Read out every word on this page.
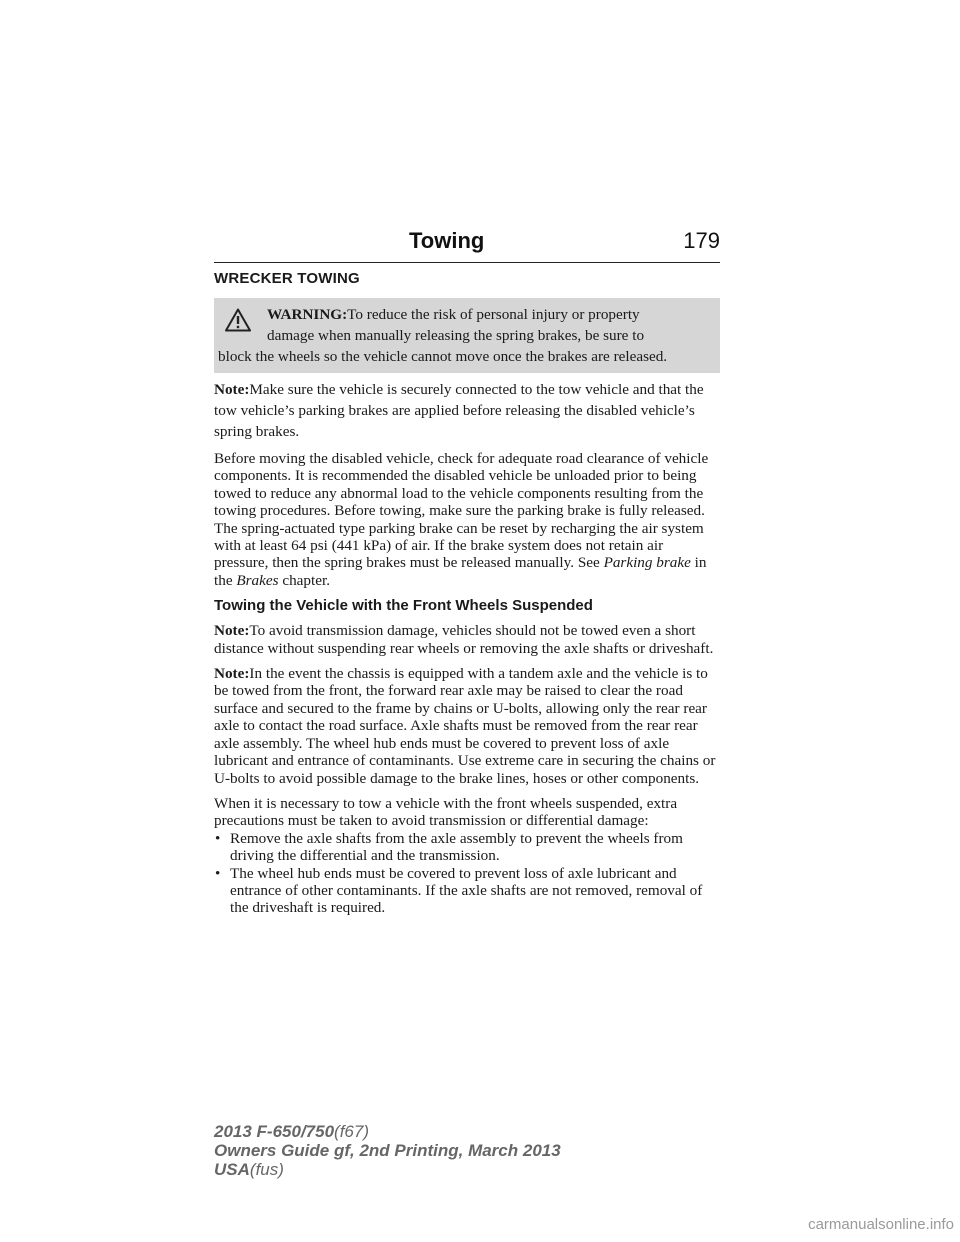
Towing	179
WRECKER TOWING
WARNING:To reduce the risk of personal injury or property
damage when manually releasing the spring brakes, be sure to
block the wheels so the vehicle cannot move once the brakes are released.

Note:Make sure the vehicle is securely connected to the tow vehicle and that the tow vehicle’s parking brakes are applied before releasing the disabled vehicle’s spring brakes.

Before moving the disabled vehicle, check for adequate road clearance of vehicle components. It is recommended the disabled vehicle be unloaded prior to being towed to reduce any abnormal load to the vehicle components resulting from the towing procedures. Before towing, make sure the parking brake is fully released. The spring-actuated type parking brake can be reset by recharging the air system with at least 64 psi (441 kPa) of air. If the brake system does not retain air pressure, then the spring brakes must be released manually. See Parking brake in the Brakes chapter.

Towing the Vehicle with the Front Wheels Suspended

Note:To avoid transmission damage, vehicles should not be towed even a short distance without suspending rear wheels or removing the axle shafts or driveshaft.

Note:In the event the chassis is equipped with a tandem axle and the vehicle is to be towed from the front, the forward rear axle may be raised to clear the road surface and secured to the frame by chains or U-bolts, allowing only the rear rear axle to contact the road surface. Axle shafts must be removed from the rear rear axle assembly. The wheel hub ends must be covered to prevent loss of axle lubricant and entrance of contaminants. Use extreme care in securing the chains or U-bolts to avoid possible damage to the brake lines, hoses or other components.

When it is necessary to tow a vehicle with the front wheels suspended, extra precautions must be taken to avoid transmission or differential damage:

• Remove the axle shafts from the axle assembly to prevent the wheels from driving the differential and the transmission.
• The wheel hub ends must be covered to prevent loss of axle lubricant and entrance of other contaminants. If the axle shafts are not removed, removal of the driveshaft is required.
2013 F-650/750(f67)
Owners Guide gf, 2nd Printing, March 2013
USA(fus)
carmanualsonline.info
